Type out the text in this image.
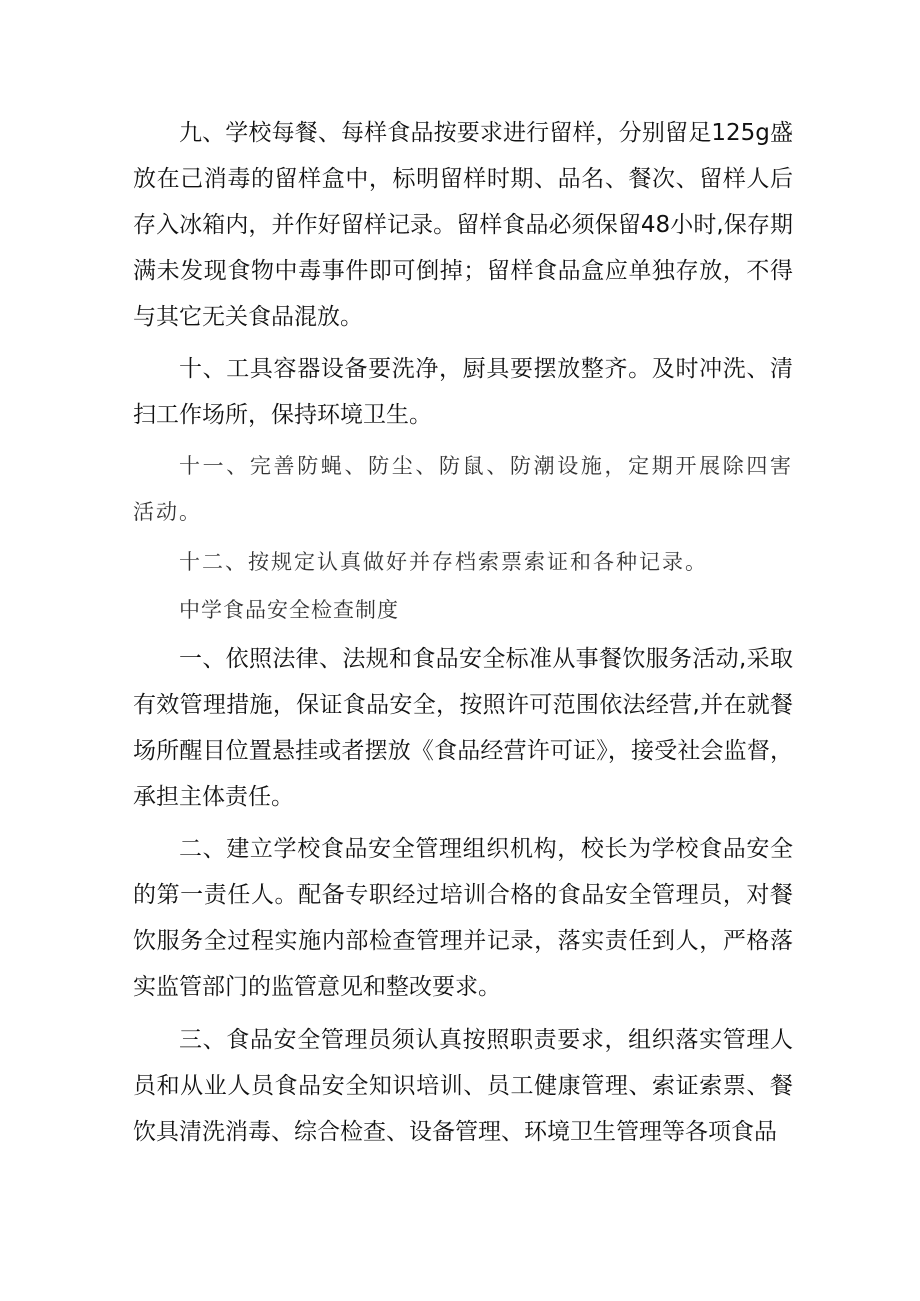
九、学校每餐、每样食品按要求进行留样，分别留足125g盛放在己消毒的留样盒中，标明留样时期、品名、餐次、留样人后存入冰箱内，并作好留样记录。留样食品必须保留48小时,保存期满未发现食物中毒事件即可倒掉；留样食品盒应单独存放，不得与其它无关食品混放。

十、工具容器设备要洗净，厨具要摆放整齐。及时冲洗、清扫工作场所，保持环境卫生。

十一、完善防蝇、防尘、防鼠、防潮设施，定期开展除四害活动。

十二、按规定认真做好并存档索票索证和各种记录。

中学食品安全检查制度

一、依照法律、法规和食品安全标准从事餐饮服务活动,采取有效管理措施，保证食品安全，按照许可范围依法经营,并在就餐场所醒目位置悬挂或者摆放《食品经营许可证》，接受社会监督，承担主体责任。

二、建立学校食品安全管理组织机构，校长为学校食品安全的第一责任人。配备专职经过培训合格的食品安全管理员，对餐饮服务全过程实施内部检查管理并记录，落实责任到人，严格落实监管部门的监管意见和整改要求。

三、食品安全管理员须认真按照职责要求，组织落实管理人员和从业人员食品安全知识培训、员工健康管理、索证索票、餐饮具清洗消毒、综合检查、设备管理、环境卫生管理等各项食品
